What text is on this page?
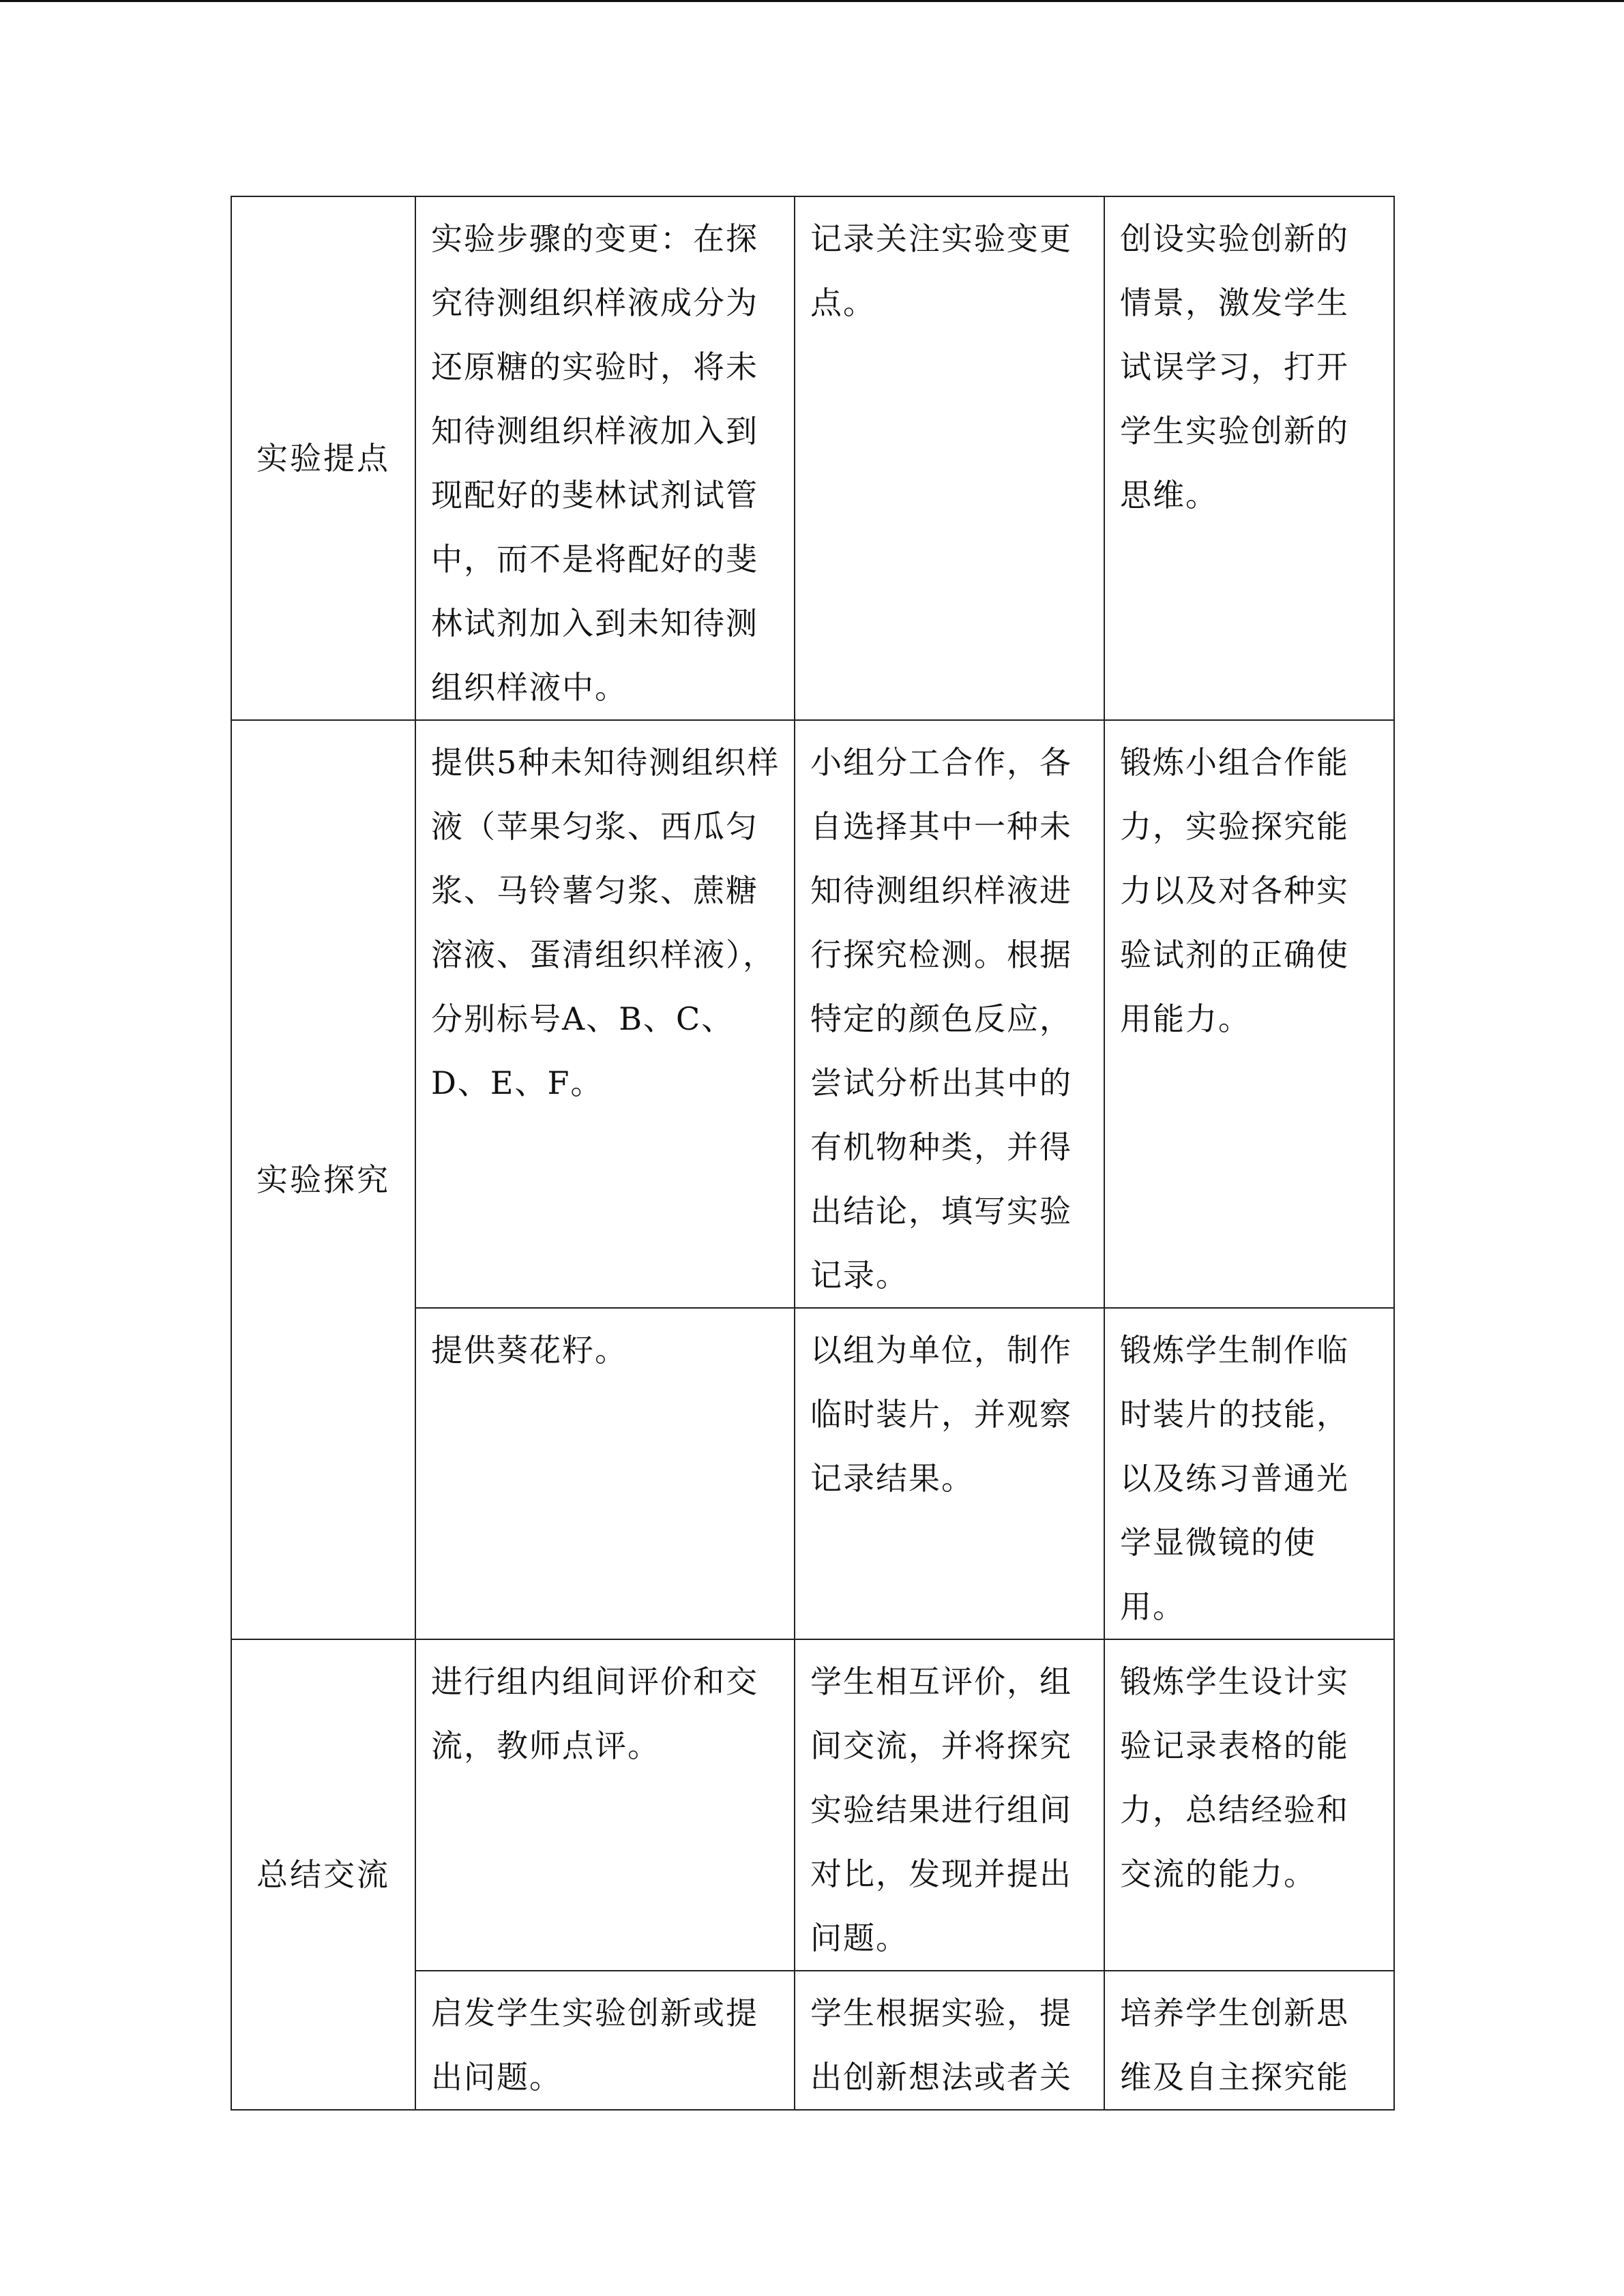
实验提点	实验步骤的变更：在探究待测组织样液成分为还原糖的实验时，将未知待测组织样液加入到现配好的斐林试剂试管中，而不是将配好的斐林试剂加入到未知待测组织样液中。	记录关注实验变更点。	创设实验创新的情景，激发学生试误学习，打开学生实验创新的思维。
实验探究	提供5种未知待测组织样液（苹果匀浆、西瓜匀浆、马铃薯匀浆、蔗糖溶液、蛋清组织样液），分别标号A、B、C、D、E、F。	小组分工合作，各自选择其中一种未知待测组织样液进行探究检测。根据特定的颜色反应，尝试分析出其中的有机物种类，并得出结论，填写实验记录。	锻炼小组合作能力，实验探究能力以及对各种实验试剂的正确使用能力。
	提供葵花籽。	以组为单位，制作临时装片，并观察记录结果。	锻炼学生制作临时装片的技能，以及练习普通光学显微镜的使用。
总结交流	进行组内组间评价和交流，教师点评。	学生相互评价，组间交流，并将探究实验结果进行组间对比，发现并提出问题。	锻炼学生设计实验记录表格的能力，总结经验和交流的能力。
	启发学生实验创新或提出问题。	学生根据实验，提出创新想法或者关	培养学生创新思维及自主探究能
